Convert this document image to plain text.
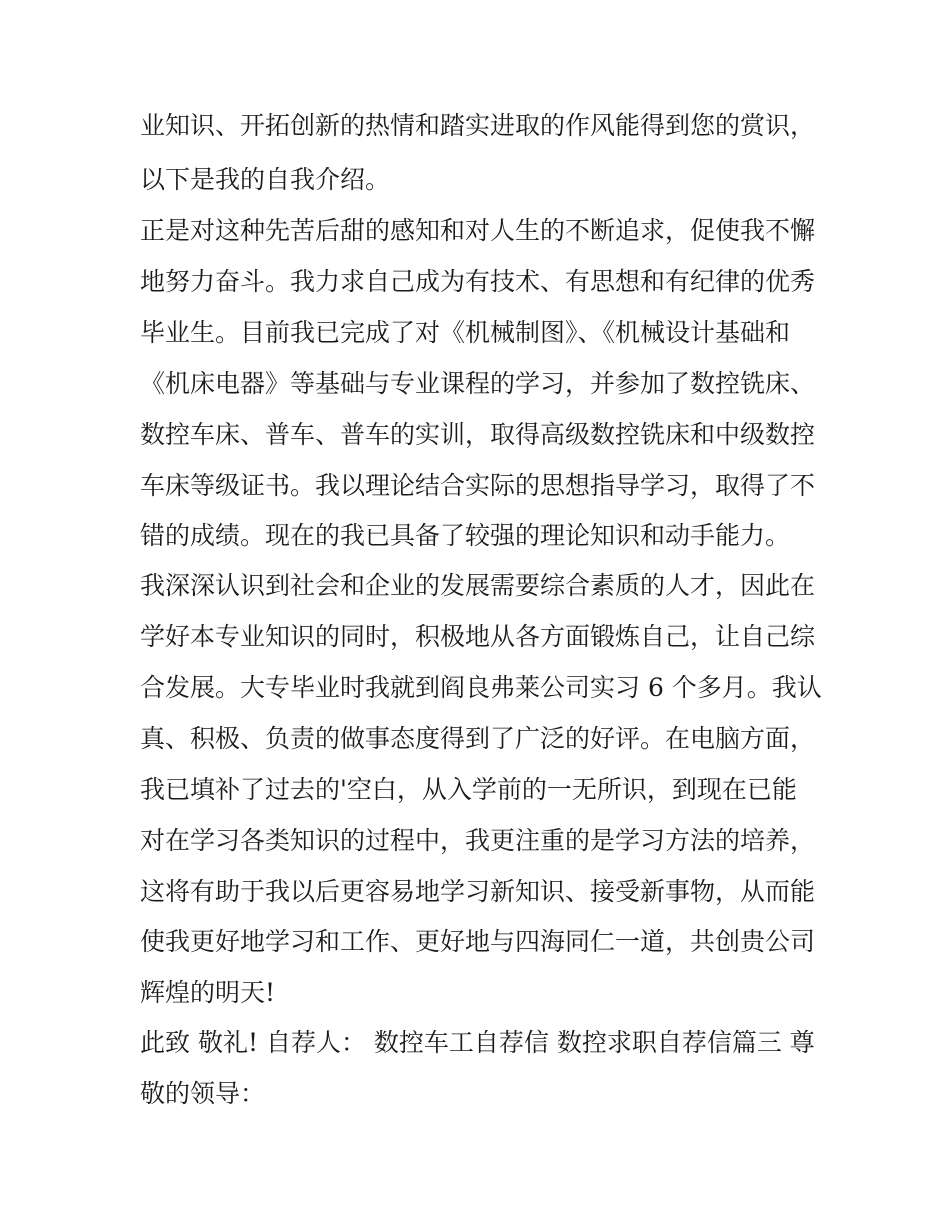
业知识、开拓创新的热情和踏实进取的作风能得到您的赏识，
以下是我的自我介绍。
正是对这种先苦后甜的感知和对人生的不断追求，促使我不懈
地努力奋斗。我力求自己成为有技术、有思想和有纪律的优秀
毕业生。目前我已完成了对《机械制图》、《机械设计基础和
《机床电器》等基础与专业课程的学习，并参加了数控铣床、
数控车床、普车、普车的实训，取得高级数控铣床和中级数控
车床等级证书。我以理论结合实际的思想指导学习，取得了不
错的成绩。现在的我已具备了较强的理论知识和动手能力。
我深深认识到社会和企业的发展需要综合素质的人才，因此在
学好本专业知识的同时，积极地从各方面锻炼自己，让自己综
合发展。大专毕业时我就到阎良弗莱公司实习 6 个多月。我认
真、积极、负责的做事态度得到了广泛的好评。在电脑方面，
我已填补了过去的'空白，从入学前的一无所识，到现在已能
对在学习各类知识的过程中，我更注重的是学习方法的培养，
这将有助于我以后更容易地学习新知识、接受新事物，从而能
使我更好地学习和工作、更好地与四海同仁一道，共创贵公司
辉煌的明天!
此致 敬礼! 自荐人： 数控车工自荐信 数控求职自荐信篇三 尊
敬的领导：
